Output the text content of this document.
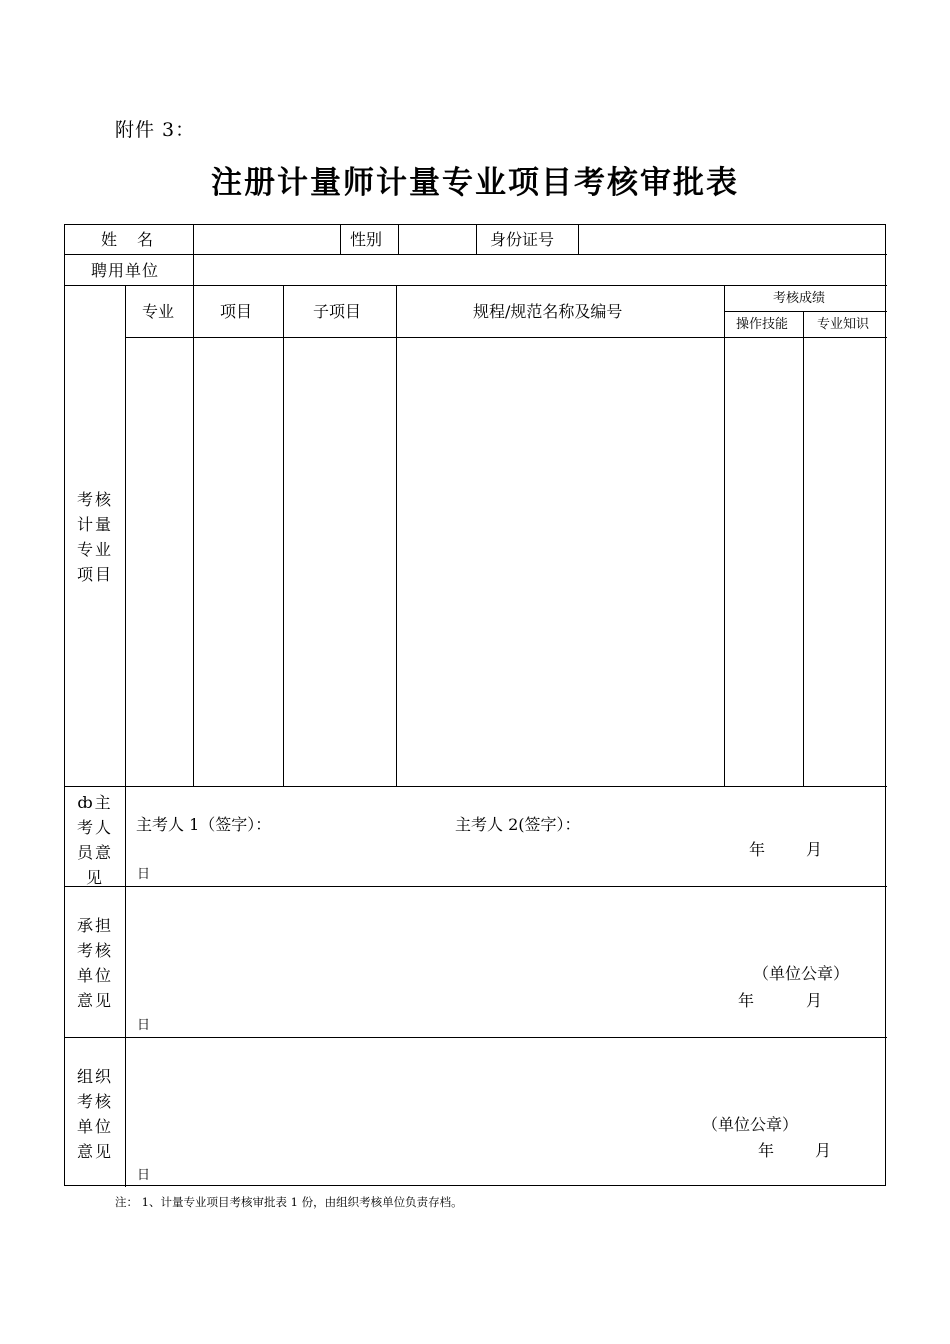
附件 3：
注册计量师计量专业项目考核审批表
姓　名	性别	身份证号
聘用单位
专业	项目	子项目	规程/规范名称及编号
考核成绩
操作技能 专业知识
考核
计量
专业
项目
ȸ主
考人
员意
见
主考人 1（签字）：	主考人 2(签字）：
年	月
日
承担
考核
单位
意见
（单位公章）
年	月
日
组织
考核
单位
意见
（单位公章）
年	月
日
注： 1、计量专业项目考核审批表 1 份，由组织考核单位负责存档。
